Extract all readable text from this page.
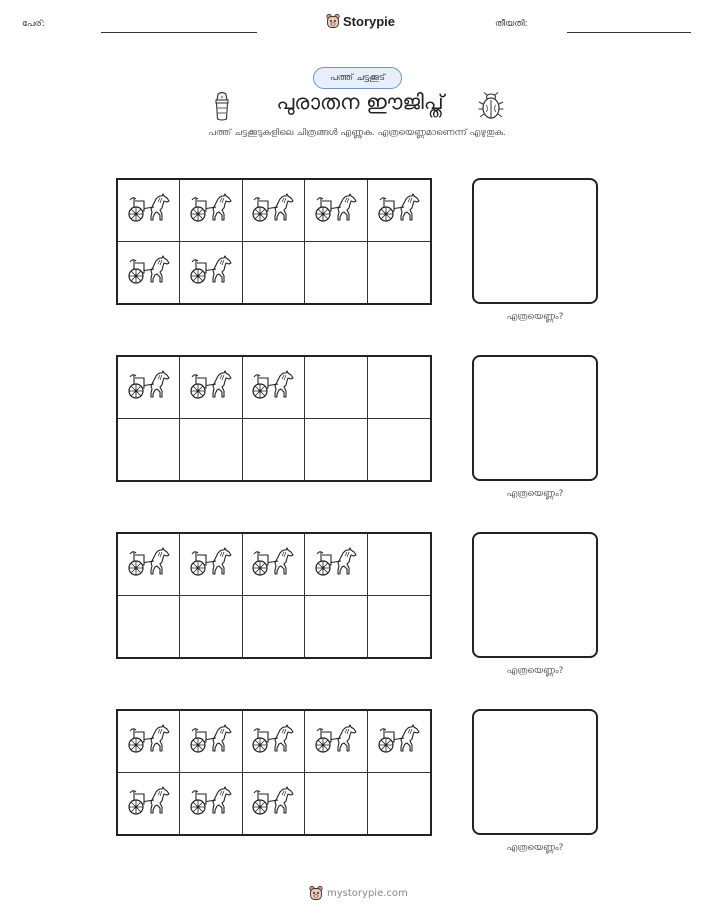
പേര്:	Storypie	തീയതി:
പത്ത് ചട്ടക്കൂട്
പുരാതന ഈജിപ്ത്
പത്ത് ചട്ടക്കൂടുകളിലെ ചിത്രങ്ങൾ എണ്ണുക. എത്രയെണ്ണമാണെന്ന് എഴുതുക.
എത്രയെണ്ണം?
എത്രയെണ്ണം?
എത്രയെണ്ണം?
എത്രയെണ്ണം?
mystorypie.com
